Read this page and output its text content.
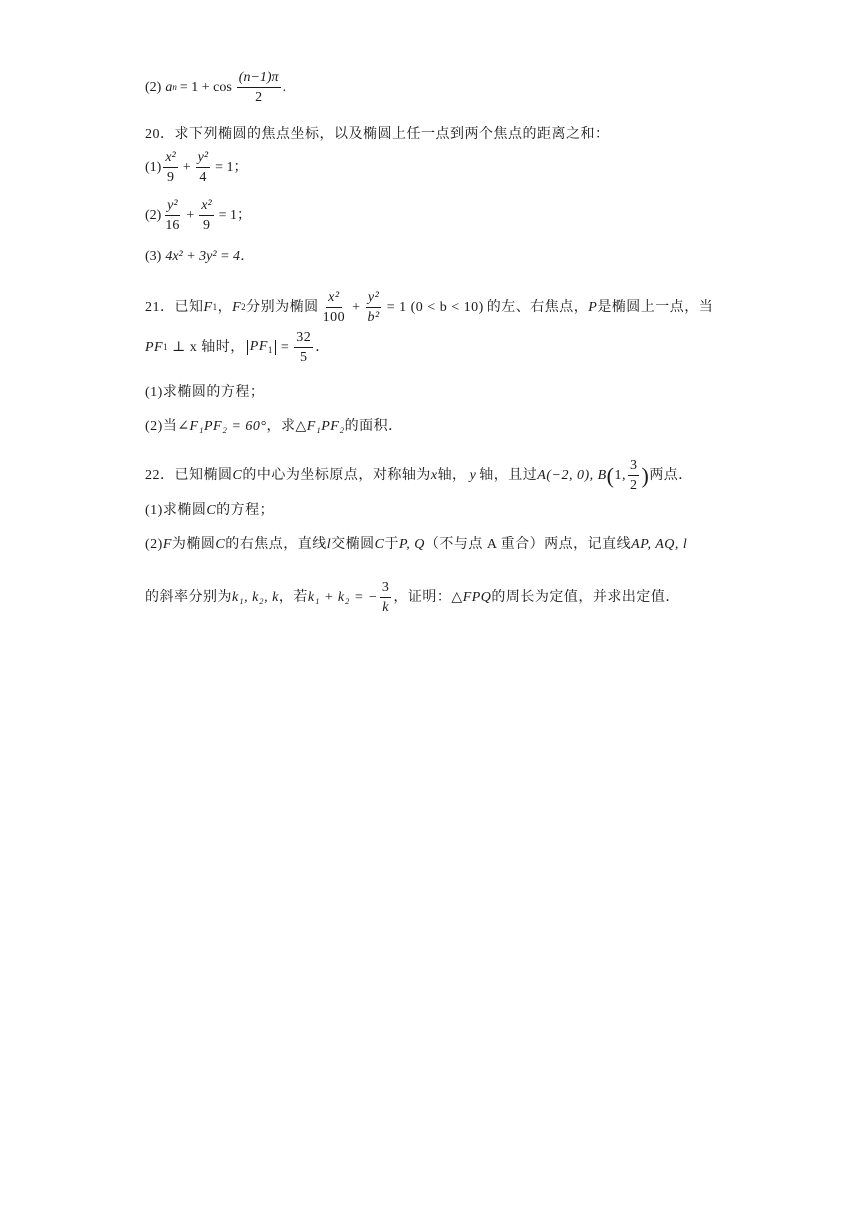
(2) a $n = 1 + \cos \frac{(n-1)\pi}{2}$ .
20．求下列椭圆的焦点坐标，以及椭圆上任一点到两个焦点的距离之和：
$(1) \frac{\text{x²}}{9} + \frac{\text{y²}}{4} = 1$；
$(2) \frac{\text{y²}}{16} + \frac{\text{x²}}{9} = 1$；
(3) 4x² + 3y² = 4．
21．已知 F 1 ， F 2 分别为椭圆 $\frac{\text{x²}}{100} + \frac{\text{y²}}{\text{b²}} = 1$ (0 < b < 10) 的左、右焦点， P 是椭圆上一点，当
PF 1 ⊥ x 轴时， $PF_1 = \frac{32}{5}$ ．
(1)求椭圆的方程；
(2)当 ∠F₁PF₂ = 60° ，求△ F₁PF₂ 的面积．
22．已知椭圆 C 的中心为坐标原点，对称轴为 x 轴， y 轴，且过 A(−2, 0), B ( 1, $\frac{3}{2}$ ) 两点．
(1)求椭圆 C 的方程；
(2) F 为椭圆 C 的右焦点，直线 l 交椭圆 C 于 P, Q （不与点 A 重合）两点，记直线 AP, AQ, l
的斜率分别为 k₁, k₂, k ，若 k₁ + k₂ = − $\frac{3}{k}$ ，证明：△ FPQ 的周长为定值，并求出定值．
